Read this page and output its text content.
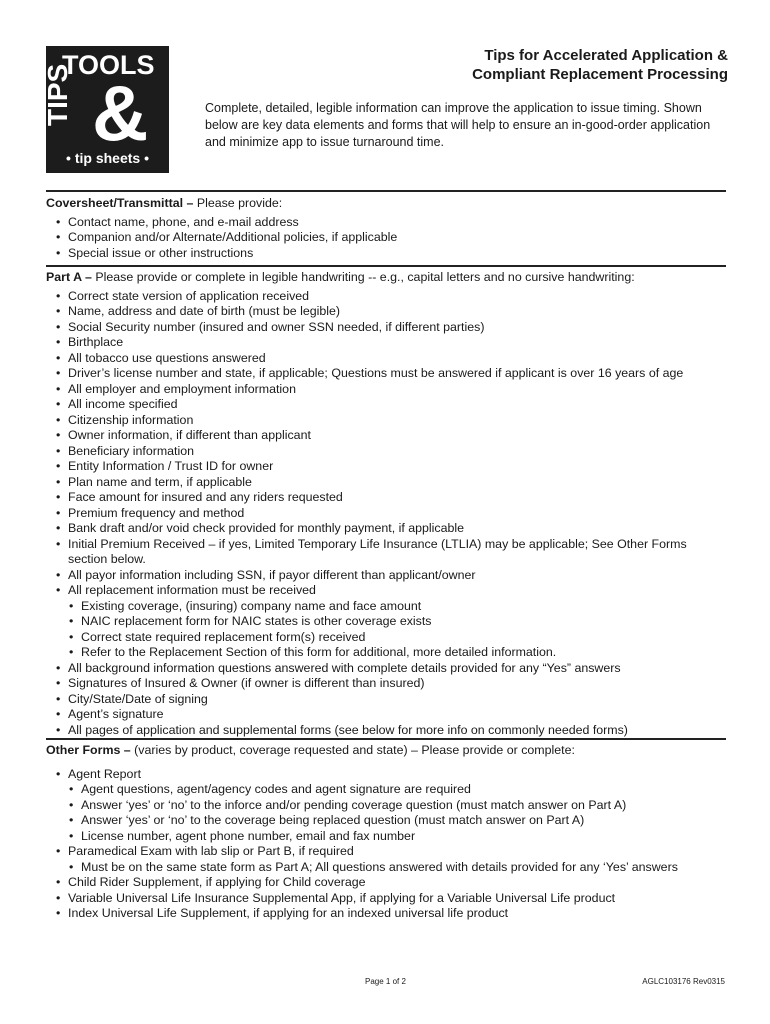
TOOLS
TIPS &
• tip sheets •
Tips for Accelerated Application &
Compliant Replacement Processing
Complete, detailed, legible information can improve the application to issue timing. Shown below are key data elements and forms that will help to ensure an in-good-order application and minimize app to issue turnaround time.
Coversheet/Transmittal – Please provide:
• Contact name, phone, and e-mail address
• Companion and/or Alternate/Additional policies, if applicable
• Special issue or other instructions
Part A – Please provide or complete in legible handwriting -- e.g., capital letters and no cursive handwriting:
• Correct state version of application received
• Name, address and date of birth (must be legible)
• Social Security number (insured and owner SSN needed, if different parties)
• Birthplace
• All tobacco use questions answered
• Driver’s license number and state, if applicable; Questions must be answered if applicant is over 16 years of age
• All employer and employment information
• All income specified
• Citizenship information
• Owner information, if different than applicant
• Beneficiary information
• Entity Information / Trust ID for owner
• Plan name and term, if applicable
• Face amount for insured and any riders requested
• Premium frequency and method
• Bank draft and/or void check provided for monthly payment, if applicable
• Initial Premium Received – if yes, Limited Temporary Life Insurance (LTLIA) may be applicable; See Other Forms section below.
• All payor information including SSN, if payor different than applicant/owner
• All replacement information must be received
• Existing coverage, (insuring) company name and face amount
• NAIC replacement form for NAIC states is other coverage exists
• Correct state required replacement form(s) received
• Refer to the Replacement Section of this form for additional, more detailed information.
• All background information questions answered with complete details provided for any “Yes” answers
• Signatures of Insured & Owner (if owner is different than insured)
• City/State/Date of signing
• Agent’s signature
• All pages of application and supplemental forms (see below for more info on commonly needed forms)
Other Forms – (varies by product, coverage requested and state) – Please provide or complete:
• Agent Report
• Agent questions, agent/agency codes and agent signature are required
• Answer ‘yes’ or ‘no’ to the inforce and/or pending coverage question (must match answer on Part A)
• Answer ‘yes’ or ‘no’ to the coverage being replaced question (must match answer on Part A)
• License number, agent phone number, email and fax number
• Paramedical Exam with lab slip or Part B, if required
• Must be on the same state form as Part A; All questions answered with details provided for any ‘Yes’ answers
• Child Rider Supplement, if applying for Child coverage
• Variable Universal Life Insurance Supplemental App, if applying for a Variable Universal Life product
• Index Universal Life Supplement, if applying for an indexed universal life product
Page 1 of 2	AGLC103176 Rev0315
